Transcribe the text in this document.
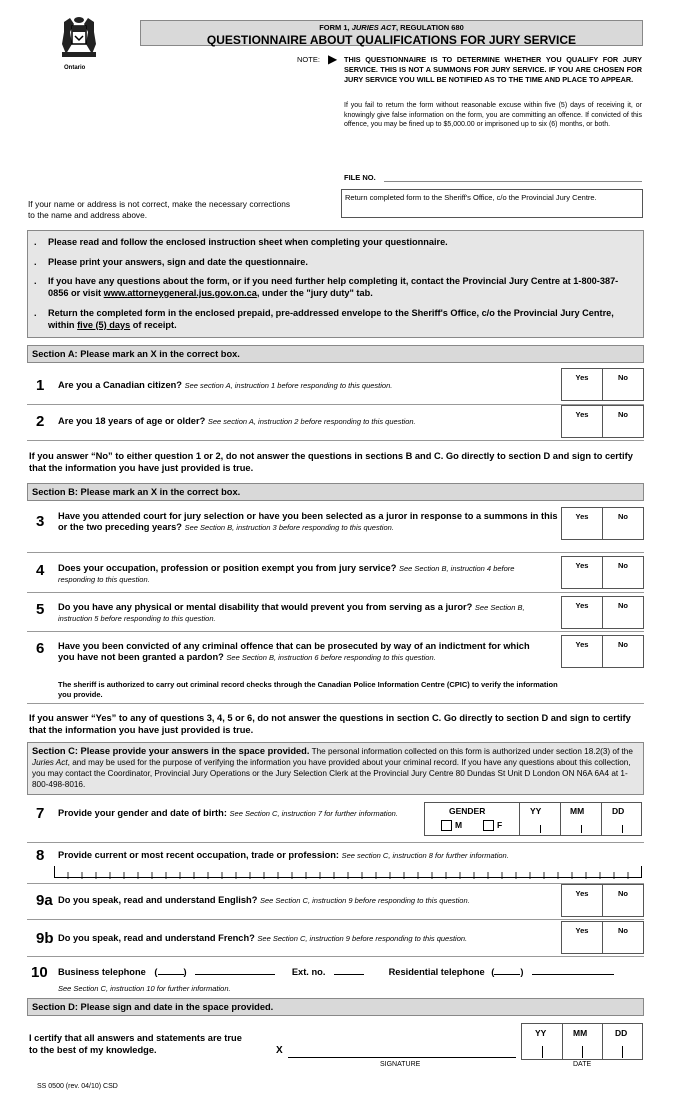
Ontario
FORM 1, JURIES ACT, REGULATION 680
QUESTIONNAIRE ABOUT QUALIFICATIONS FOR JURY SERVICE
NOTE: ▶ THIS QUESTIONNAIRE IS TO DETERMINE WHETHER YOU QUALIFY FOR JURY SERVICE. THIS IS NOT A SUMMONS FOR JURY SERVICE. IF YOU ARE CHOSEN FOR JURY SERVICE YOU WILL BE NOTIFIED AS TO THE TIME AND PLACE TO APPEAR.
If you fail to return the form without reasonable excuse within five (5) days of receiving it, or knowingly give false information on the form, you are committing an offence. If convicted of this offence, you may be fined up to $5,000.00 or imprisoned up to six (6) months, or both.
FILE NO.
Return completed form to the Sheriff's Office, c/o the Provincial Jury Centre.
If your name or address is not correct, make the necessary corrections to the name and address above.
. Please read and follow the enclosed instruction sheet when completing your questionnaire.
. Please print your answers, sign and date the questionnaire.
. If you have any questions about the form, or if you need further help completing it, contact the Provincial Jury Centre at 1-800-387-0856 or visit www.attorneygeneral.jus.gov.on.ca, under the "jury duty" tab.
. Return the completed form in the enclosed prepaid, pre-addressed envelope to the Sheriff's Office, c/o the Provincial Jury Centre, within five (5) days of receipt.
Section A: Please mark an X in the correct box.
1 Are you a Canadian citizen? See section A, instruction 1 before responding to this question.
Yes	No
2 Are you 18 years of age or older? See section A, instruction 2 before responding to this question.
Yes	No
If you answer “No” to either question 1 or 2, do not answer the questions in sections B and C. Go directly to section D and sign to certify that the information you have just provided is true.
Section B: Please mark an X in the correct box.
3 Have you attended court for jury selection or have you been selected as a juror in response to a summons in this or the two preceding years? See Section B, instruction 3 before responding to this question.
Yes	No
4 Does your occupation, profession or position exempt you from jury service? See Section B, instruction 4 before responding to this question.
Yes	No
5 Do you have any physical or mental disability that would prevent you from serving as a juror? See Section B, instruction 5 before responding to this question.
Yes	No
6 Have you been convicted of any criminal offence that can be prosecuted by way of an indictment for which you have not been granted a pardon? See Section B, instruction 6 before responding to this question.
Yes	No
The sheriff is authorized to carry out criminal record checks through the Canadian Police Information Centre (CPIC) to verify the information you provide.
If you answer “Yes” to any of questions 3, 4, 5 or 6, do not answer the questions in section C. Go directly to section D and sign to certify that the information you have just provided is true.
Section C: Please provide your answers in the space provided. The personal information collected on this form is authorized under section 18.2(3) of the Juries Act, and may be used for the purpose of verifying the information you have provided about your criminal record. If you have any questions about this collection, you may contact the Coordinator, Provincial Jury Operations or the Jury Selection Clerk at the Provincial Jury Centre 80 Dundas St Unit D London ON N6A 6A4 at 1-800-498-8016.
7 Provide your gender and date of birth: See Section C, instruction 7 for further information.	GENDER
M	F
YY	MM	DD
8 Provide current or most recent occupation, trade or profession: See section C, instruction 8 for further information.
9a Do you speak, read and understand English? See Section C, instruction 9 before responding to this question.
Yes	No
9b Do you speak, read and understand French? See Section C, instruction 9 before responding to this question.
Yes	No
10 Business telephone (	)	Ext. no.	Residential telephone (	)
See Section C, instruction 10 for further information.
Section D: Please sign and date in the space provided.
I certify that all answers and statements are true to the best of my knowledge.	X
SIGNATURE
YY	MM	DD
DATE
SS 0500 (rev. 04/10) CSD
